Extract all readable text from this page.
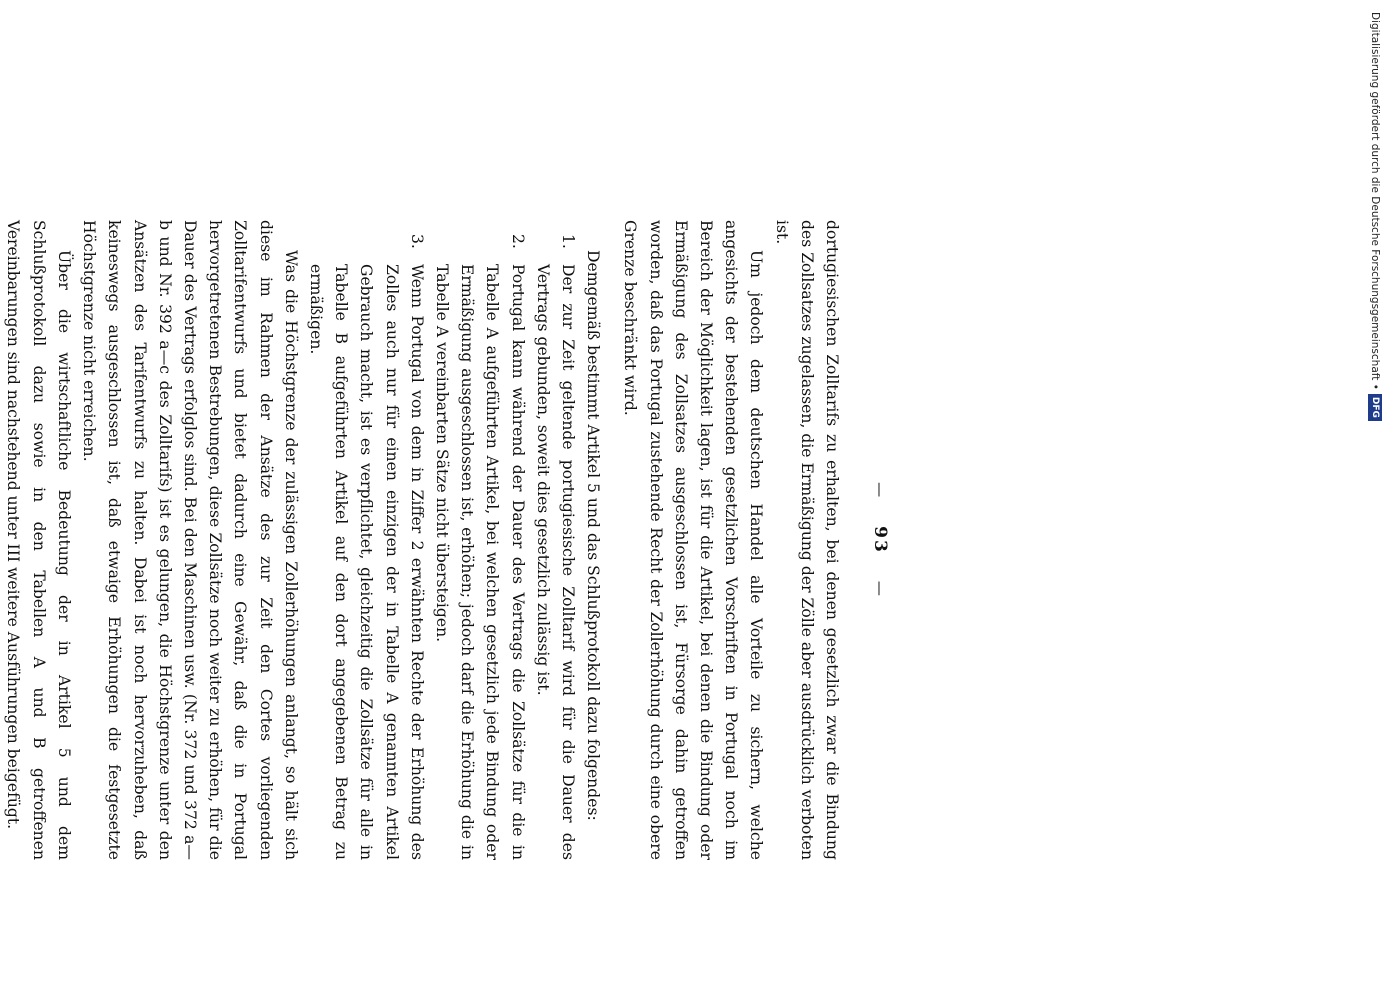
—    93    —

dortugiesischen Zolltarifs zu erhalten, bei denen gesetzlich zwar die Bindung des Zollsatzes zugelassen, die Ermäßigung der Zölle aber ausdrücklich verboten ist.

Um jedoch dem deutschen Handel alle Vorteile zu sichern, welche angesichts der bestehenden gesetzlichen Vorschriften in Portugal noch im Bereich der Möglichkeit lagen, ist für die Artikel, bei denen die Bindung oder Ermäßigung des Zollsatzes ausgeschlossen ist, Fürsorge dahin getroffen worden, daß das Portugal zustehende Recht der Zollerhöhung durch eine obere Grenze beschränkt wird.

Demgemäß bestimmt Artikel 5 und das Schlußprotokoll dazu folgendes:

1.

Der zur Zeit geltende portugiesische Zolltarif wird für die Dauer des Vertrags gebunden, soweit dies gesetzlich zulässig ist.

2.

Portugal kann während der Dauer des Vertrags die Zollsätze für die in Tabelle A aufgeführten Artikel, bei welchen gesetzlich jede Bindung oder Ermäßigung ausgeschlossen ist, erhöhen; jedoch darf die Erhöhung die in Tabelle A vereinbarten Sätze nicht übersteigen.

3.

Wenn Portugal von dem in Ziffer 2 erwähnten Rechte der Erhöhung des Zolles auch nur für einen einzigen der in Tabelle A genannten Artikel Gebrauch macht, ist es verpflichtet, gleichzeitig die Zollsätze für alle in Tabelle B aufgeführten Artikel auf den dort angegebenen Betrag zu ermäßigen.

Was die Höchstgrenze der zulässigen Zollerhöhungen anlangt, so hält sich diese im Rahmen der Ansätze des zur Zeit den Cortes vorliegenden Zolltarifentwurfs und bietet dadurch eine Gewähr, daß die in Portugal hervorgetretenen Bestrebungen, diese Zollsätze noch weiter zu erhöhen, für die Dauer des Vertrags erfolglos sind. Bei den Maschinen usw. (Nr. 372 und 372 a—b und Nr. 392 a—c des Zolltarifs) ist es gelungen, die Höchstgrenze unter den Ansätzen des Tarifentwurfs zu halten. Dabei ist noch hervorzuheben, daß keineswegs ausgeschlossen ist, daß etwaige Erhöhungen die festgesetzte Höchstgrenze nicht erreichen.

Über die wirtschaftliche Bedeutung der in Artikel 5 und dem Schlußprotokoll dazu sowie in den Tabellen A und B getroffenen Vereinbarungen sind nachstehend unter III weitere Ausführungen beigefügt.

Digitalisierung gefördert durch die Deutsche Forschungsgemeinschaft •
DFG
